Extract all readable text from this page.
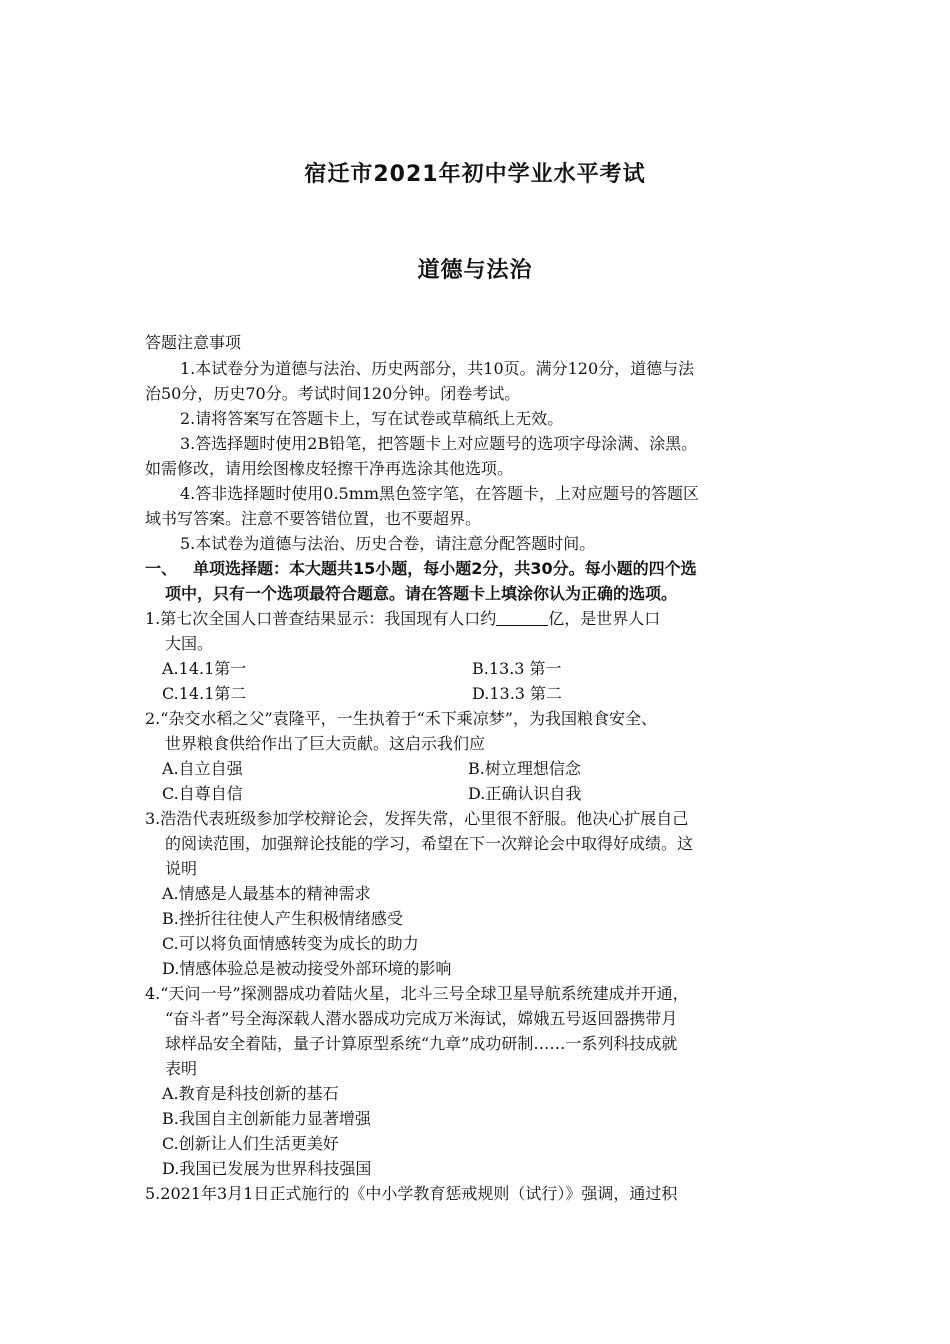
宿迁市2021年初中学业水平考试
道德与法治
答题注意事项
1.本试卷分为道德与法治、历史两部分，共10页。满分120分，道德与法
治50分，历史70分。考试时间120分钟。闭卷考试。
2.请将答案写在答题卡上，写在试卷或草稿纸上无效。
3.答选择题时使用2B铅笔，把答题卡上对应题号的选项字母涂满、涂黑。
如需修改，请用绘图橡皮轻擦干净再选涂其他选项。
4.答非选择题时使用0.5mm黑色签字笔，在答题卡，上对应题号的答题区
域书写答案。注意不要答错位置，也不要超界。
5.本试卷为道德与法治、历史合卷，请注意分配答题时间。
一、 单项选择题：本大题共15小题，每小题2分，共30分。每小题的四个选
项中，只有一个选项最符合题意。请在答题卡上填涂你认为正确的选项。
1.第七次全国人口普查结果显示：我国现有人口约	亿，是世界人口
大国。
A.14.1第一	B.13.3 第一
C.14.1第二	D.13.3 第二
2.“杂交水稻之父”袁隆平，一生执着于“禾下乘凉梦”，为我国粮食安全、
世界粮食供给作出了巨大贡献。这启示我们应
A.自立自强	B.树立理想信念
C.自尊自信	D.正确认识自我
3.浩浩代表班级参加学校辩论会，发挥失常，心里很不舒服。他决心扩展自己
的阅读范围，加强辩论技能的学习，希望在下一次辩论会中取得好成绩。这
说明
A.情感是人最基本的精神需求
B.挫折往往使人产生积极情绪感受
C.可以将负面情感转变为成长的助力
D.情感体验总是被动接受外部环境的影响
4.“天问一号”探测器成功着陆火星，北斗三号全球卫星导航系统建成并开通，
“奋斗者”号全海深载人潜水器成功完成万米海试，嫦娥五号返回器携带月
球样品安全着陆，量子计算原型系统“九章”成功研制……一系列科技成就
表明
A.教育是科技创新的基石
B.我国自主创新能力显著增强
C.创新让人们生活更美好
D.我国已发展为世界科技强国
5.2021年3月1日正式施行的《中小学教育惩戒规则（试行）》强调，通过积
